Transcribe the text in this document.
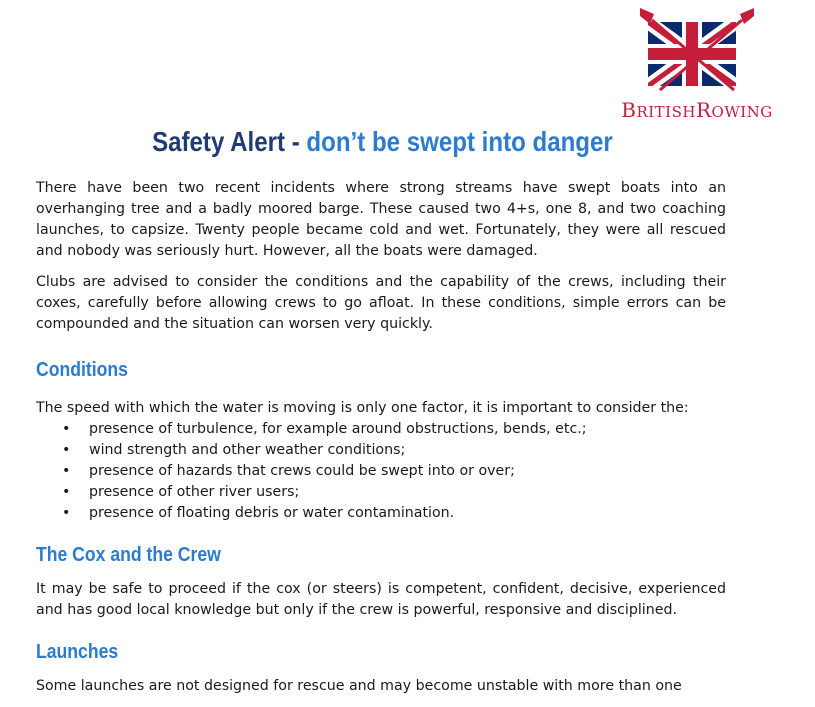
BRITISHROWING
Safety Alert - don’t be swept into danger

There have been two recent incidents where strong streams have swept boats into an overhanging tree and a badly moored barge. These caused two 4+s, one 8, and two coaching launches, to capsize. Twenty people became cold and wet. Fortunately, they were all rescued and nobody was seriously hurt. However, all the boats were damaged.

Clubs are advised to consider the conditions and the capability of the crews, including their coxes, carefully before allowing crews to go afloat. In these conditions, simple errors can be compounded and the situation can worsen very quickly.

Conditions

The speed with which the water is moving is only one factor, it is important to consider the:

• presence of turbulence, for example around obstructions, bends, etc.;
• wind strength and other weather conditions;
• presence of hazards that crews could be swept into or over;
• presence of other river users;
• presence of floating debris or water contamination.
The Cox and the Crew

It may be safe to proceed if the cox (or steers) is competent, confident, decisive, experienced and has good local knowledge but only if the crew is powerful, responsive and disciplined.

Launches

Some launches are not designed for rescue and may become unstable with more than one
